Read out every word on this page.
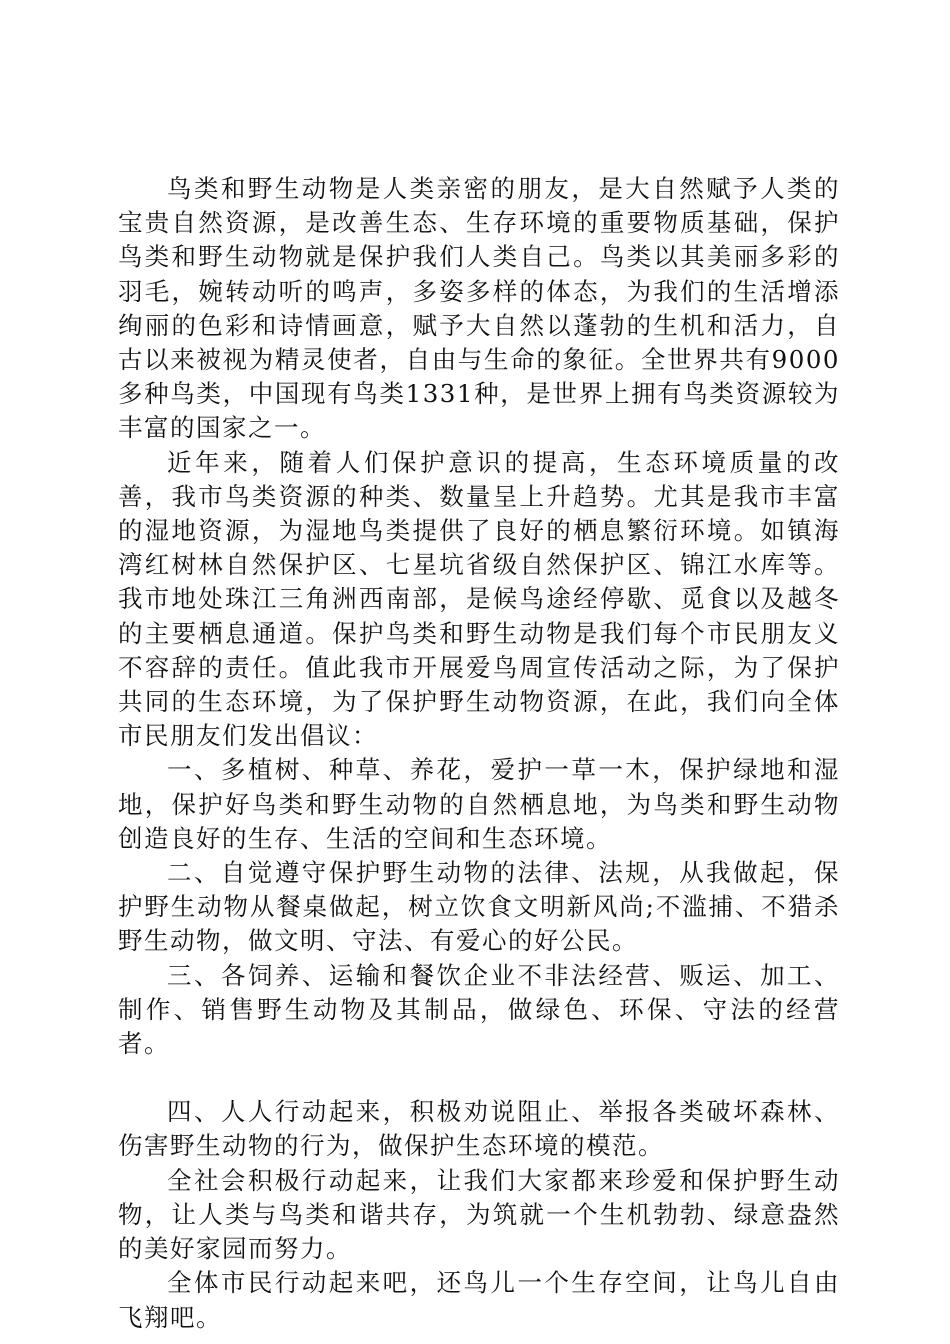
鸟类和野生动物是人类亲密的朋友，是大自然赋予人类的宝贵自然资源，是改善生态、生存环境的重要物质基础，保护鸟类和野生动物就是保护我们人类自己。鸟类以其美丽多彩的羽毛，婉转动听的鸣声，多姿多样的体态，为我们的生活增添绚丽的色彩和诗情画意，赋予大自然以蓬勃的生机和活力，自古以来被视为精灵使者，自由与生命的象征。全世界共有9000多种鸟类，中国现有鸟类1331种，是世界上拥有鸟类资源较为丰富的国家之一。

近年来，随着人们保护意识的提高，生态环境质量的改善，我市鸟类资源的种类、数量呈上升趋势。尤其是我市丰富的湿地资源，为湿地鸟类提供了良好的栖息繁衍环境。如镇海湾红树林自然保护区、七星坑省级自然保护区、锦江水库等。我市地处珠江三角洲西南部，是候鸟途经停歇、觅食以及越冬的主要栖息通道。保护鸟类和野生动物是我们每个市民朋友义不容辞的责任。值此我市开展爱鸟周宣传活动之际，为了保护共同的生态环境，为了保护野生动物资源，在此，我们向全体市民朋友们发出倡议：

一、多植树、种草、养花，爱护一草一木，保护绿地和湿地，保护好鸟类和野生动物的自然栖息地，为鸟类和野生动物创造良好的生存、生活的空间和生态环境。

二、自觉遵守保护野生动物的法律、法规，从我做起，保护野生动物从餐桌做起，树立饮食文明新风尚;不滥捕、不猎杀野生动物，做文明、守法、有爱心的好公民。

三、各饲养、运输和餐饮企业不非法经营、贩运、加工、制作、销售野生动物及其制品，做绿色、环保、守法的经营者。

四、人人行动起来，积极劝说阻止、举报各类破坏森林、伤害野生动物的行为，做保护生态环境的模范。

全社会积极行动起来，让我们大家都来珍爱和保护野生动物，让人类与鸟类和谐共存，为筑就一个生机勃勃、绿意盎然的美好家园而努力。

全体市民行动起来吧，还鸟儿一个生存空间，让鸟儿自由飞翔吧。
